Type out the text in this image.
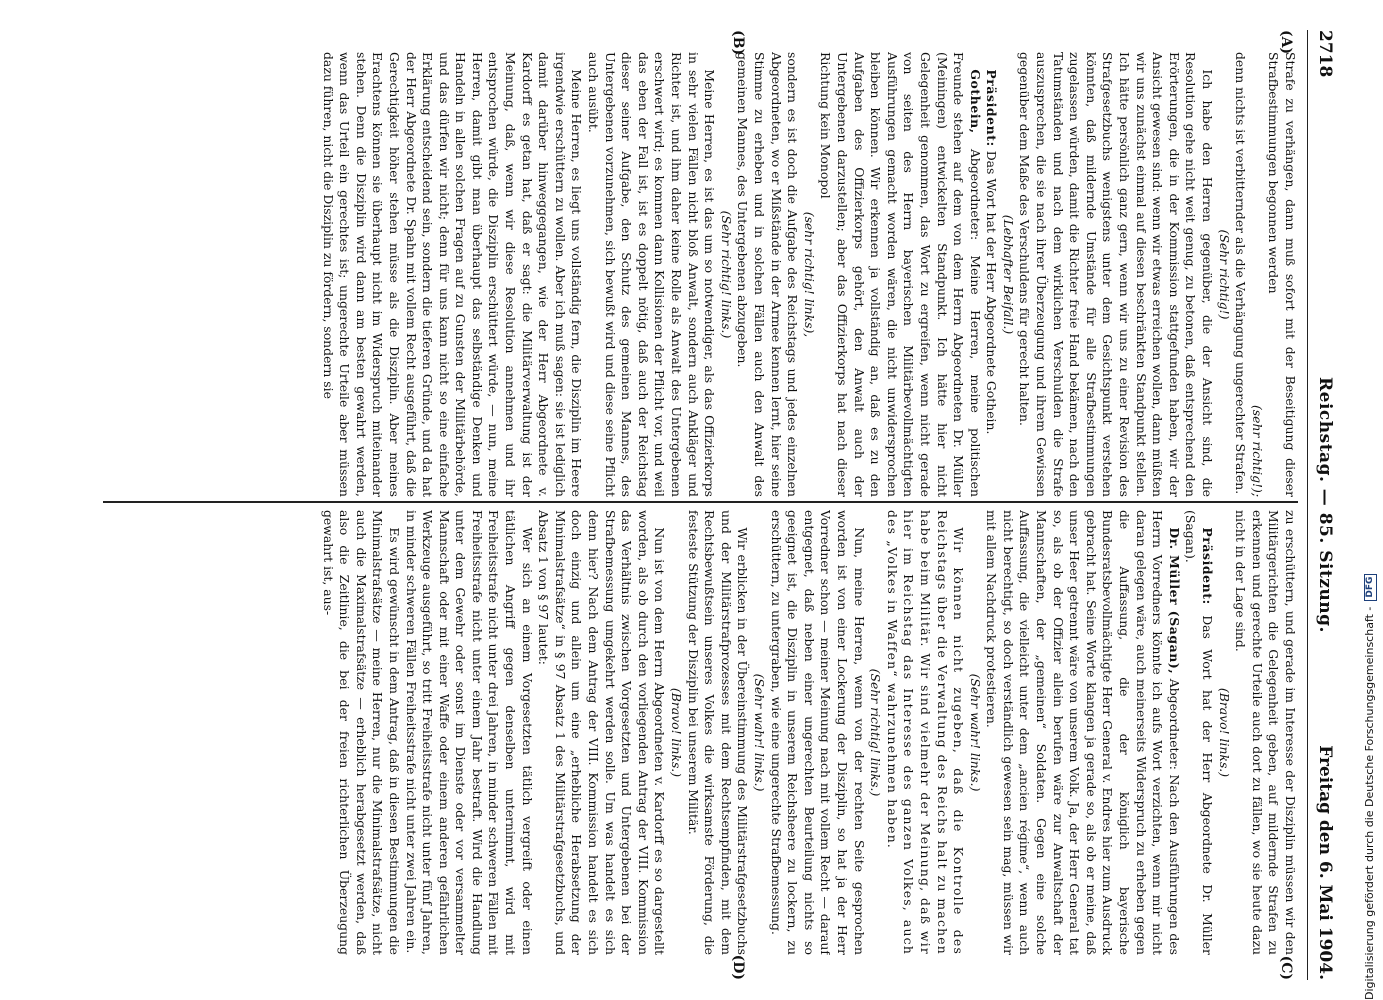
2718
Reichstag. — 85. Sitzung.
Freitag den 6. Mai 1904.
(A)
(B)
(C)
(D)

Strafe zu verhängen, dann muß sofort mit der Beseitigung dieser Strafbestimmungen begonnen werden

(sehr richtig!);

denn nichts ist verbitternder als die Verhängung ungerechter Strafen.

(Sehr richtig!)

Ich habe den Herren gegenüber, die der Ansicht sind, die Resolution gehe nicht weit genug, zu betonen, daß entsprechend den Erörterungen, die in der Kommission stattgefunden haben, wir der Ansicht gewesen sind: wenn wir etwas erreichen wollen, dann müßten wir uns zunächst einmal auf diesen beschränkten Standpunkt stellen. Ich hätte persönlich ganz gern, wenn wir uns zu einer Revision des Strafgesetzbuchs wenigstens unter dem Gesichtspunkt verstehen könnten, daß mildernde Umstände für alle Strafbestimmungen zugelassen würden, damit die Richter freie Hand bekämen, nach den Tatumständen und nach dem wirklichen Verschulden die Strafe auszusprechen, die sie nach ihrer Überzeugung und ihrem Gewissen gegenüber dem Maße des Verschuldens für gerecht halten.

(Lebhafter Beifall.)

Präsident: Das Wort hat der Herr Abgeordnete Gothein.

Gothein, Abgeordneter: Meine Herren, meine politischen Freunde stehen auf dem von dem Herrn Abgeordneten Dr. Müller (Meiningen) entwickelten Standpunkt. Ich hätte hier nicht Gelegenheit genommen, das Wort zu ergreifen, wenn nicht gerade von seiten des Herrn bayerischen Militärbevollmächtigten Ausführungen gemacht worden wären, die nicht unwidersprochen bleiben können. Wir erkennen ja vollständig an, daß es zu den Aufgaben des Offizierkorps gehört, den Anwalt auch der Untergebenen darzustellen; aber das Offizierkorps hat nach dieser Richtung kein Monopol

(sehr richtig! links),

sondern es ist doch die Aufgabe des Reichstags und jedes einzelnen Abgeordneten, wo er Mißstände in der Armee kennen lernt, hier seine Stimme zu erheben und in solchen Fällen auch den Anwalt des gemeinen Mannes, des Untergebenen abzugeben.

(Sehr richtig! links.)

Meine Herren, es ist das um so notwendiger, als das Offizierkorps in sehr vielen Fällen nicht bloß Anwalt, sondern auch Ankläger und Richter ist, und ihm daher keine Rolle als Anwalt des Untergebenen erschwert wird; es kommen dann Kollisionen der Pflicht vor, und weil das eben der Fall ist, ist es doppelt nötig, daß auch der Reichstag dieser seiner Aufgabe, den Schutz des gemeinen Mannes, des Untergebenen vorzunehmen, sich bewußt wird und diese seine Pflicht auch ausübt.

Meine Herren, es liegt uns vollständig fern, die Disziplin im Heere irgendwie erschüttern zu wollen. Aber ich muß sagen: sie ist lediglich damit darüber hinweggegangen, wie der Herr Abgeordnete v. Kardorff es getan hat, daß er sagt: die Militärverwaltung ist der Meinung, daß, wenn wir diese Resolution annehmen und ihr entsprochen würde, die Disziplin erschüttert würde, — nun, meine Herren, damit gibt man überhaupt das selbständige Denken und Handeln in allen solchen Fragen auf zu Gunsten der Militärbehörde, und das dürfen wir nicht; denn für uns kann nicht so eine einfache Erklärung entscheidend sein, sondern die tieferen Gründe, und da hat der Herr Abgeordnete Dr. Spahn mit vollem Recht ausgeführt, daß die Gerechtigkeit höher stehen müsse als die Disziplin. Aber meines Erachtens können sie überhaupt nicht im Widerspruch miteinander stehen. Denn die Disziplin wird dann am besten gewahrt werden, wenn das Urteil ein gerechtes ist; ungerechte Urteile aber müssen dazu führen, nicht die Disziplin zu fördern, sondern sie

zu erschüttern, und gerade im Interesse der Disziplin müssen wir den Militärgerichten die Gelegenheit geben, auf mildernde Strafen zu erkennen und gerechte Urteile auch dort zu fällen, wo sie heute dazu nicht in der Lage sind.

(Bravo! links.)

Präsident: Das Wort hat der Herr Abgeordnete Dr. Müller (Sagan).

Dr. Müller (Sagan), Abgeordneter: Nach den Ausführungen des Herrn Vorredners könnte ich aufs Wort verzichten, wenn mir nicht daran gelegen wäre, auch meinerseits Widerspruch zu erheben gegen die Auffassung, die der königlich bayerische Bundesratsbevollmächtigte Herr General v. Endres hier zum Ausdruck gebracht hat. Seine Worte klangen ja gerade so, als ob er meine, daß unser Heer getrennt wäre von unserem Volk. Ja, der Herr General tat so, als ob der Offizier allein berufen wäre zur Anwaltschaft der Mannschaften, der „gemeinen“ Soldaten. Gegen eine solche Auffassung, die vielleicht unter dem „ancien régime“, wenn auch nicht berechtigt, so doch verständlich gewesen sein mag, müssen wir mit allem Nachdruck protestieren.

(Sehr wahr! links.)

Wir können nicht zugeben, daß die Kontrolle des Reichstags über die Verwaltung des Reichs halt zu machen habe beim Militär. Wir sind vielmehr der Meinung, daß wir hier im Reichstag das Interesse des ganzen Volkes, auch des „Volkes in Waffen“ wahrzunehmen haben.

(Sehr richtig! links.)

Nun, meine Herren, wenn von der rechten Seite gesprochen worden ist von einer Lockerung der Disziplin, so hat ja der Herr Vorredner schon — meiner Meinung nach mit vollem Recht — darauf entgegnet, daß neben einer ungerechten Beurteilung nichts so geeignet ist, die Disziplin in unserem Reichsheere zu lockern, zu erschüttern, zu untergraben, wie eine ungerechte Strafbemessung.

(Sehr wahr! links.)

Wir erblicken in der Übereinstimmung des Militärstrafgesetzbuchs und der Militärstrafprozesses mit dem Rechtsempfinden, mit dem Rechtsbewußtsein unseres Volkes die wirksamste Förderung, die festeste Stützung der Disziplin bei unserem Militär.

(Bravo! links.)

Nun ist von dem Herrn Abgeordneten v. Kardorff es so dargestellt worden, als ob durch den vorliegenden Antrag der VIII. Kommission das Verhältnis zwischen Vorgesetzten und Untergebenen bei der Strafbemessung umgekehrt werden solle. Um was handelt es sich denn hier? Nach dem Antrag der VIII. Kommission handelt es sich doch einzig und allein um eine „erhebliche Herabsetzung der Minimalstrafsätze“ in § 97 Absatz 1 des Militärstrafgesetzbuchs, und Absatz 1 von § 97 lautet:

Wer sich an einem Vorgesetzten tätlich vergreift oder einen tätlichen Angriff gegen denselben unternimmt, wird mit Freiheitsstrafe nicht unter drei Jahren, in minder schweren Fällen mit Freiheitsstrafe nicht unter einem Jahr bestraft. Wird die Handlung unter dem Gewehr oder sonst im Dienste oder vor versammelter Mannschaft oder mit einer Waffe oder einem anderen gefährlichen Werkzeuge ausgeführt, so tritt Freiheitsstrafe nicht unter fünf Jahren, in minder schweren Fällen Freiheitsstrafe nicht unter zwei Jahren ein.

Es wird gewünscht in dem Antrag, daß in diesen Bestimmungen die Minimalstrafsätze — meine Herren, nur die Minimalstrafsätze, nicht auch die Maximalstrafsätze — erheblich herabgesetzt werden, daß also die Zeitlinie, die bei der freien richterlichen Überzeugung gewahrt ist, aus-

Digitalisierung gefördert durch die Deutsche Forschungsgemeinschaft -
DFG
